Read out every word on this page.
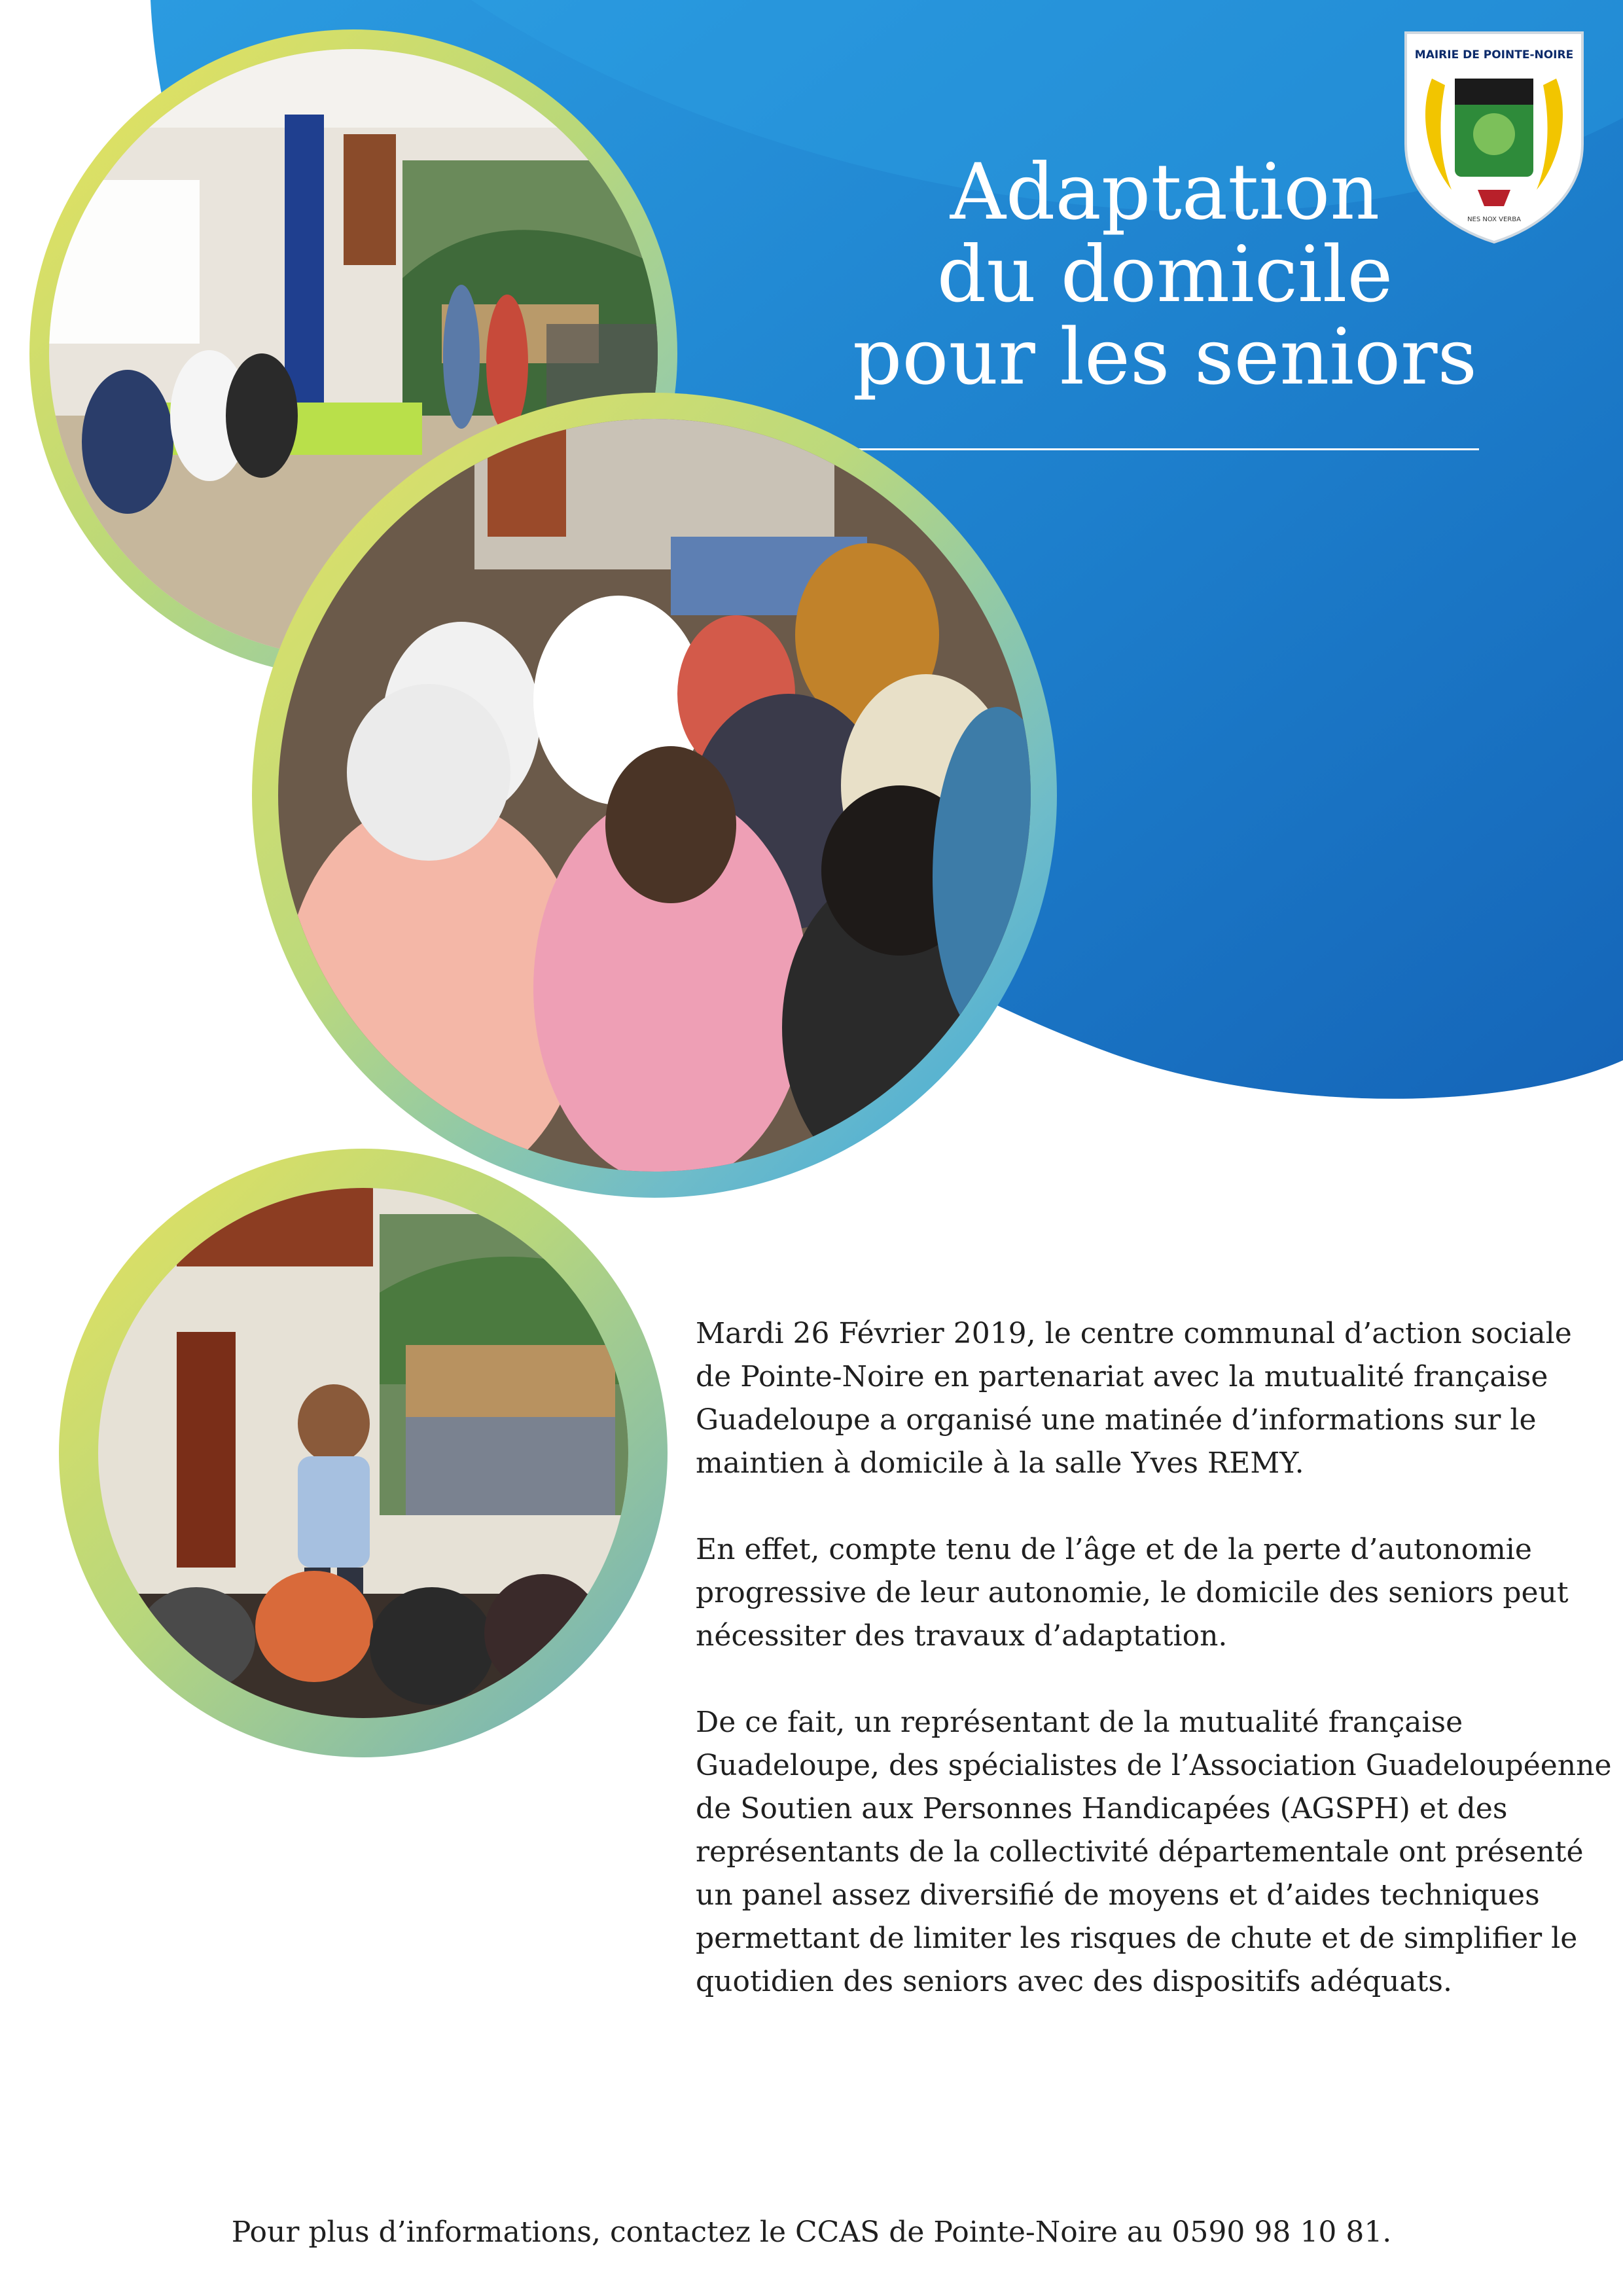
MAIRIE DE POINTE-NOIRE
NES NOX VERBA
Adaptation
du domicile
pour les seniors

Mardi 26 Février 2019, le centre communal d’action sociale de Pointe-Noire en partenariat avec la mutualité française Guadeloupe a organisé une matinée d’informations sur le maintien à domicile à la salle Yves REMY.

En effet, compte tenu de l’âge et de la perte d’autonomie progressive de leur autonomie, le domicile des seniors peut nécessiter des travaux d’adaptation.

De ce fait, un représentant de la mutualité française Guadeloupe, des spécialistes de l’Association Guadeloupéenne de Soutien aux Personnes Handicapées (AGSPH) et des représentants de la collectivité départementale ont présenté un panel assez diversifié de moyens et d’aides techniques permettant de limiter les risques de chute et de simplifier le quotidien des seniors avec des dispositifs adéquats.

Pour plus d’informations, contactez le CCAS de Pointe-Noire au 0590 98 10 81.
